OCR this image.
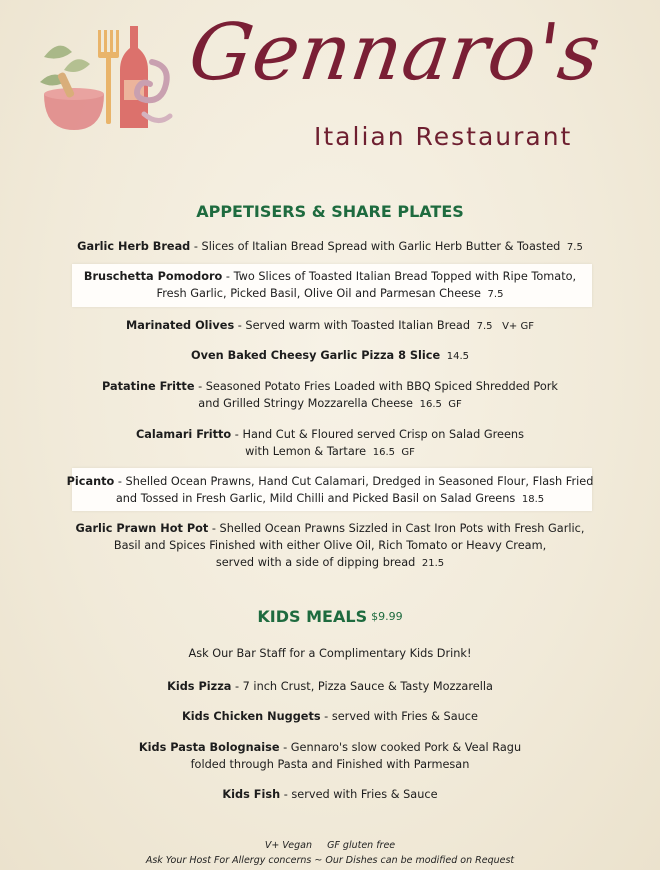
Gennaro's
Italian Restaurant
APPETISERS & SHARE PLATES
Garlic Herb Bread - Slices of Italian Bread Spread with Garlic Herb Butter & Toasted 7.5
Bruschetta Pomodoro - Two Slices of Toasted Italian Bread Topped with Ripe Tomato,
Fresh Garlic, Picked Basil, Olive Oil and Parmesan Cheese 7.5
Marinated Olives - Served warm with Toasted Italian Bread 7.5   V+ GF
Oven Baked Cheesy Garlic Pizza 8 Slice 14.5
Patatine Fritte - Seasoned Potato Fries Loaded with BBQ Spiced Shredded Pork
and Grilled Stringy Mozzarella Cheese 16.5  GF
Calamari Fritto - Hand Cut & Floured served Crisp on Salad Greens
with Lemon & Tartare 16.5  GF
Picanto - Shelled Ocean Prawns, Hand Cut Calamari, Dredged in Seasoned Flour, Flash Fried
and Tossed in Fresh Garlic, Mild Chilli and Picked Basil on Salad Greens 18.5
Garlic Prawn Hot Pot - Shelled Ocean Prawns Sizzled in Cast Iron Pots with Fresh Garlic,
Basil and Spices Finished with either Olive Oil, Rich Tomato or Heavy Cream,
served with a side of dipping bread 21.5
KIDS MEALS $9.99
Ask Our Bar Staff for a Complimentary Kids Drink!
Kids Pizza - 7 inch Crust, Pizza Sauce & Tasty Mozzarella
Kids Chicken Nuggets - served with Fries & Sauce
Kids Pasta Bolognaise - Gennaro's slow cooked Pork & Veal Ragu
folded through Pasta and Finished with Parmesan
Kids Fish - served with Fries & Sauce
V+ Vegan     GF gluten free
Ask Your Host For Allergy concerns ~ Our Dishes can be modified on Request
